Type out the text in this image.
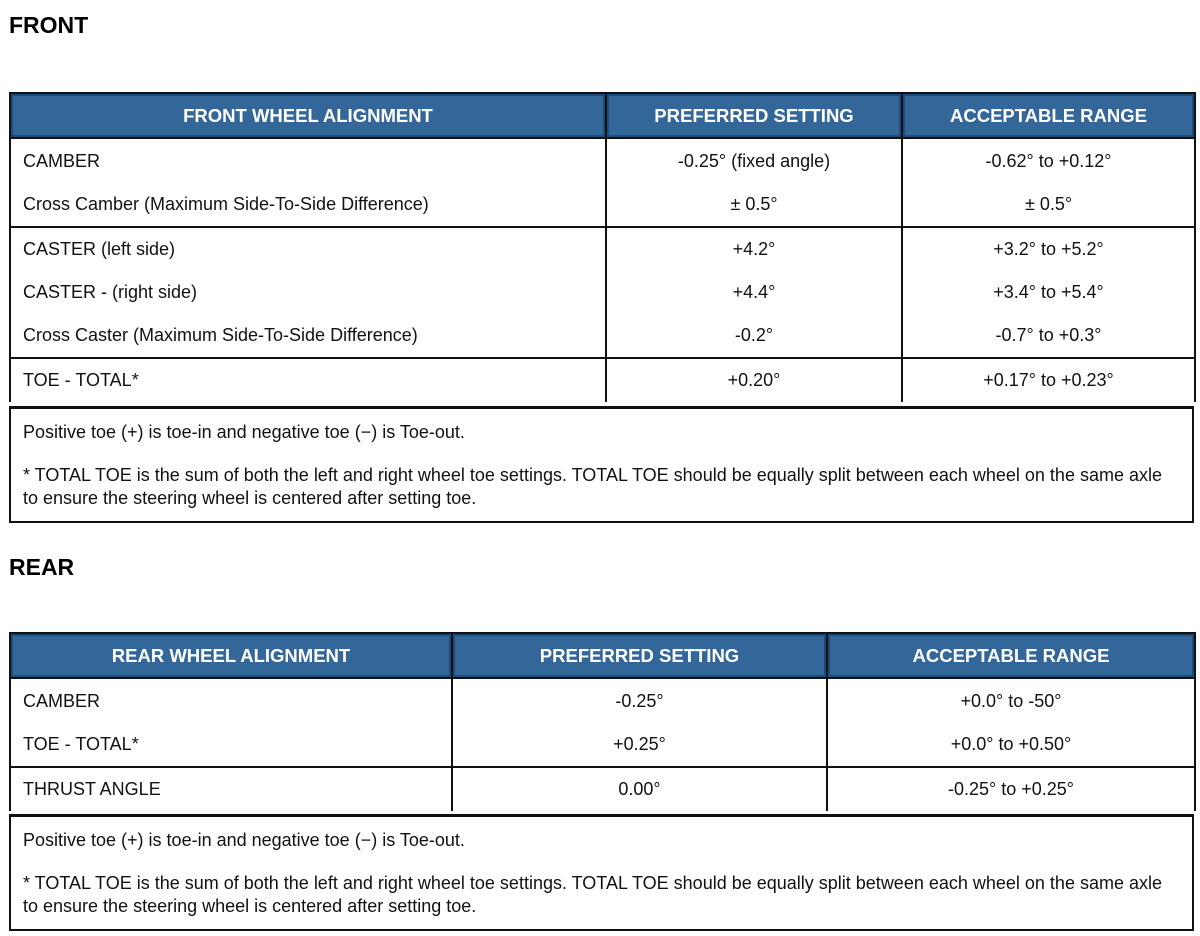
FRONT
FRONT WHEEL ALIGNMENT	PREFERRED SETTING	ACCEPTABLE RANGE
CAMBER	-0.25° (fixed angle)	-0.62° to +0.12°
Cross Camber (Maximum Side-To-Side Difference)	± 0.5°	± 0.5°
CASTER (left side)	+4.2°	+3.2° to +5.2°
CASTER - (right side)	+4.4°	+3.4° to +5.4°
Cross Caster (Maximum Side-To-Side Difference)	-0.2°	-0.7° to +0.3°
TOE - TOTAL*	+0.20°	+0.17° to +0.23°

Positive toe (+) is toe-in and negative toe (−) is Toe-out.

* TOTAL TOE is the sum of both the left and right wheel toe settings. TOTAL TOE should be equally split between each wheel on the same axle to ensure the steering wheel is centered after setting toe.

REAR
REAR WHEEL ALIGNMENT	PREFERRED SETTING	ACCEPTABLE RANGE
CAMBER	-0.25°	+0.0° to -50°
TOE - TOTAL*	+0.25°	+0.0° to +0.50°
THRUST ANGLE	0.00°	-0.25° to +0.25°

Positive toe (+) is toe-in and negative toe (−) is Toe-out.

* TOTAL TOE is the sum of both the left and right wheel toe settings. TOTAL TOE should be equally split between each wheel on the same axle to ensure the steering wheel is centered after setting toe.
